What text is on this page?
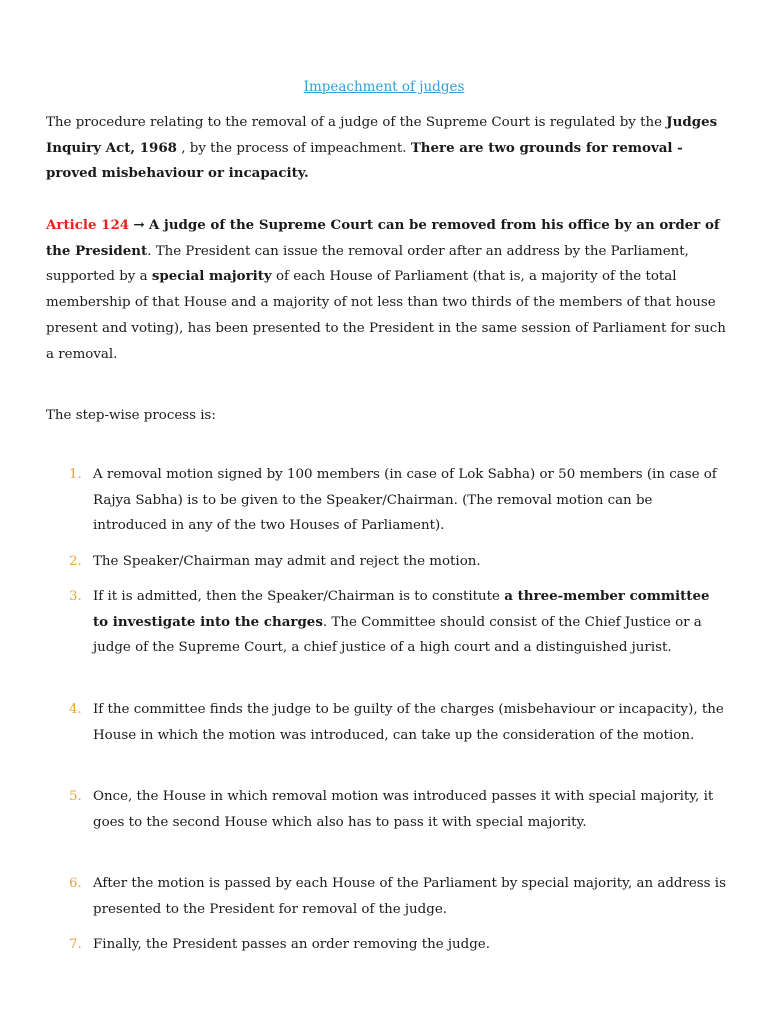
Impeachment of judges

The procedure relating to the removal of a judge of the Supreme Court is regulated by the Judges Inquiry Act, 1968 , by the process of impeachment. There are two grounds for removal - proved misbehaviour or incapacity.

Article 124 → A judge of the Supreme Court can be removed from his office by an order of the President. The President can issue the removal order after an address by the Parliament, supported by a special majority of each House of Parliament (that is, a majority of the total membership of that House and a majority of not less than two thirds of the members of that house present and voting), has been presented to the President in the same session of Parliament for such a removal.

The step-wise process is:

1. A removal motion signed by 100 members (in case of Lok Sabha) or 50 members (in case of Rajya Sabha) is to be given to the Speaker/Chairman. (The removal motion can be introduced in any of the two Houses of Parliament).
2. The Speaker/Chairman may admit and reject the motion.
3. If it is admitted, then the Speaker/Chairman is to constitute a three-member committee to investigate into the charges. The Committee should consist of the Chief Justice or a judge of the Supreme Court, a chief justice of a high court and a distinguished jurist.
4. If the committee finds the judge to be guilty of the charges (misbehaviour or incapacity), the House in which the motion was introduced, can take up the consideration of the motion.
5. Once, the House in which removal motion was introduced passes it with special majority, it goes to the second House which also has to pass it with special majority.
6. After the motion is passed by each House of the Parliament by special majority, an address is presented to the President for removal of the judge.
7. Finally, the President passes an order removing the judge.
